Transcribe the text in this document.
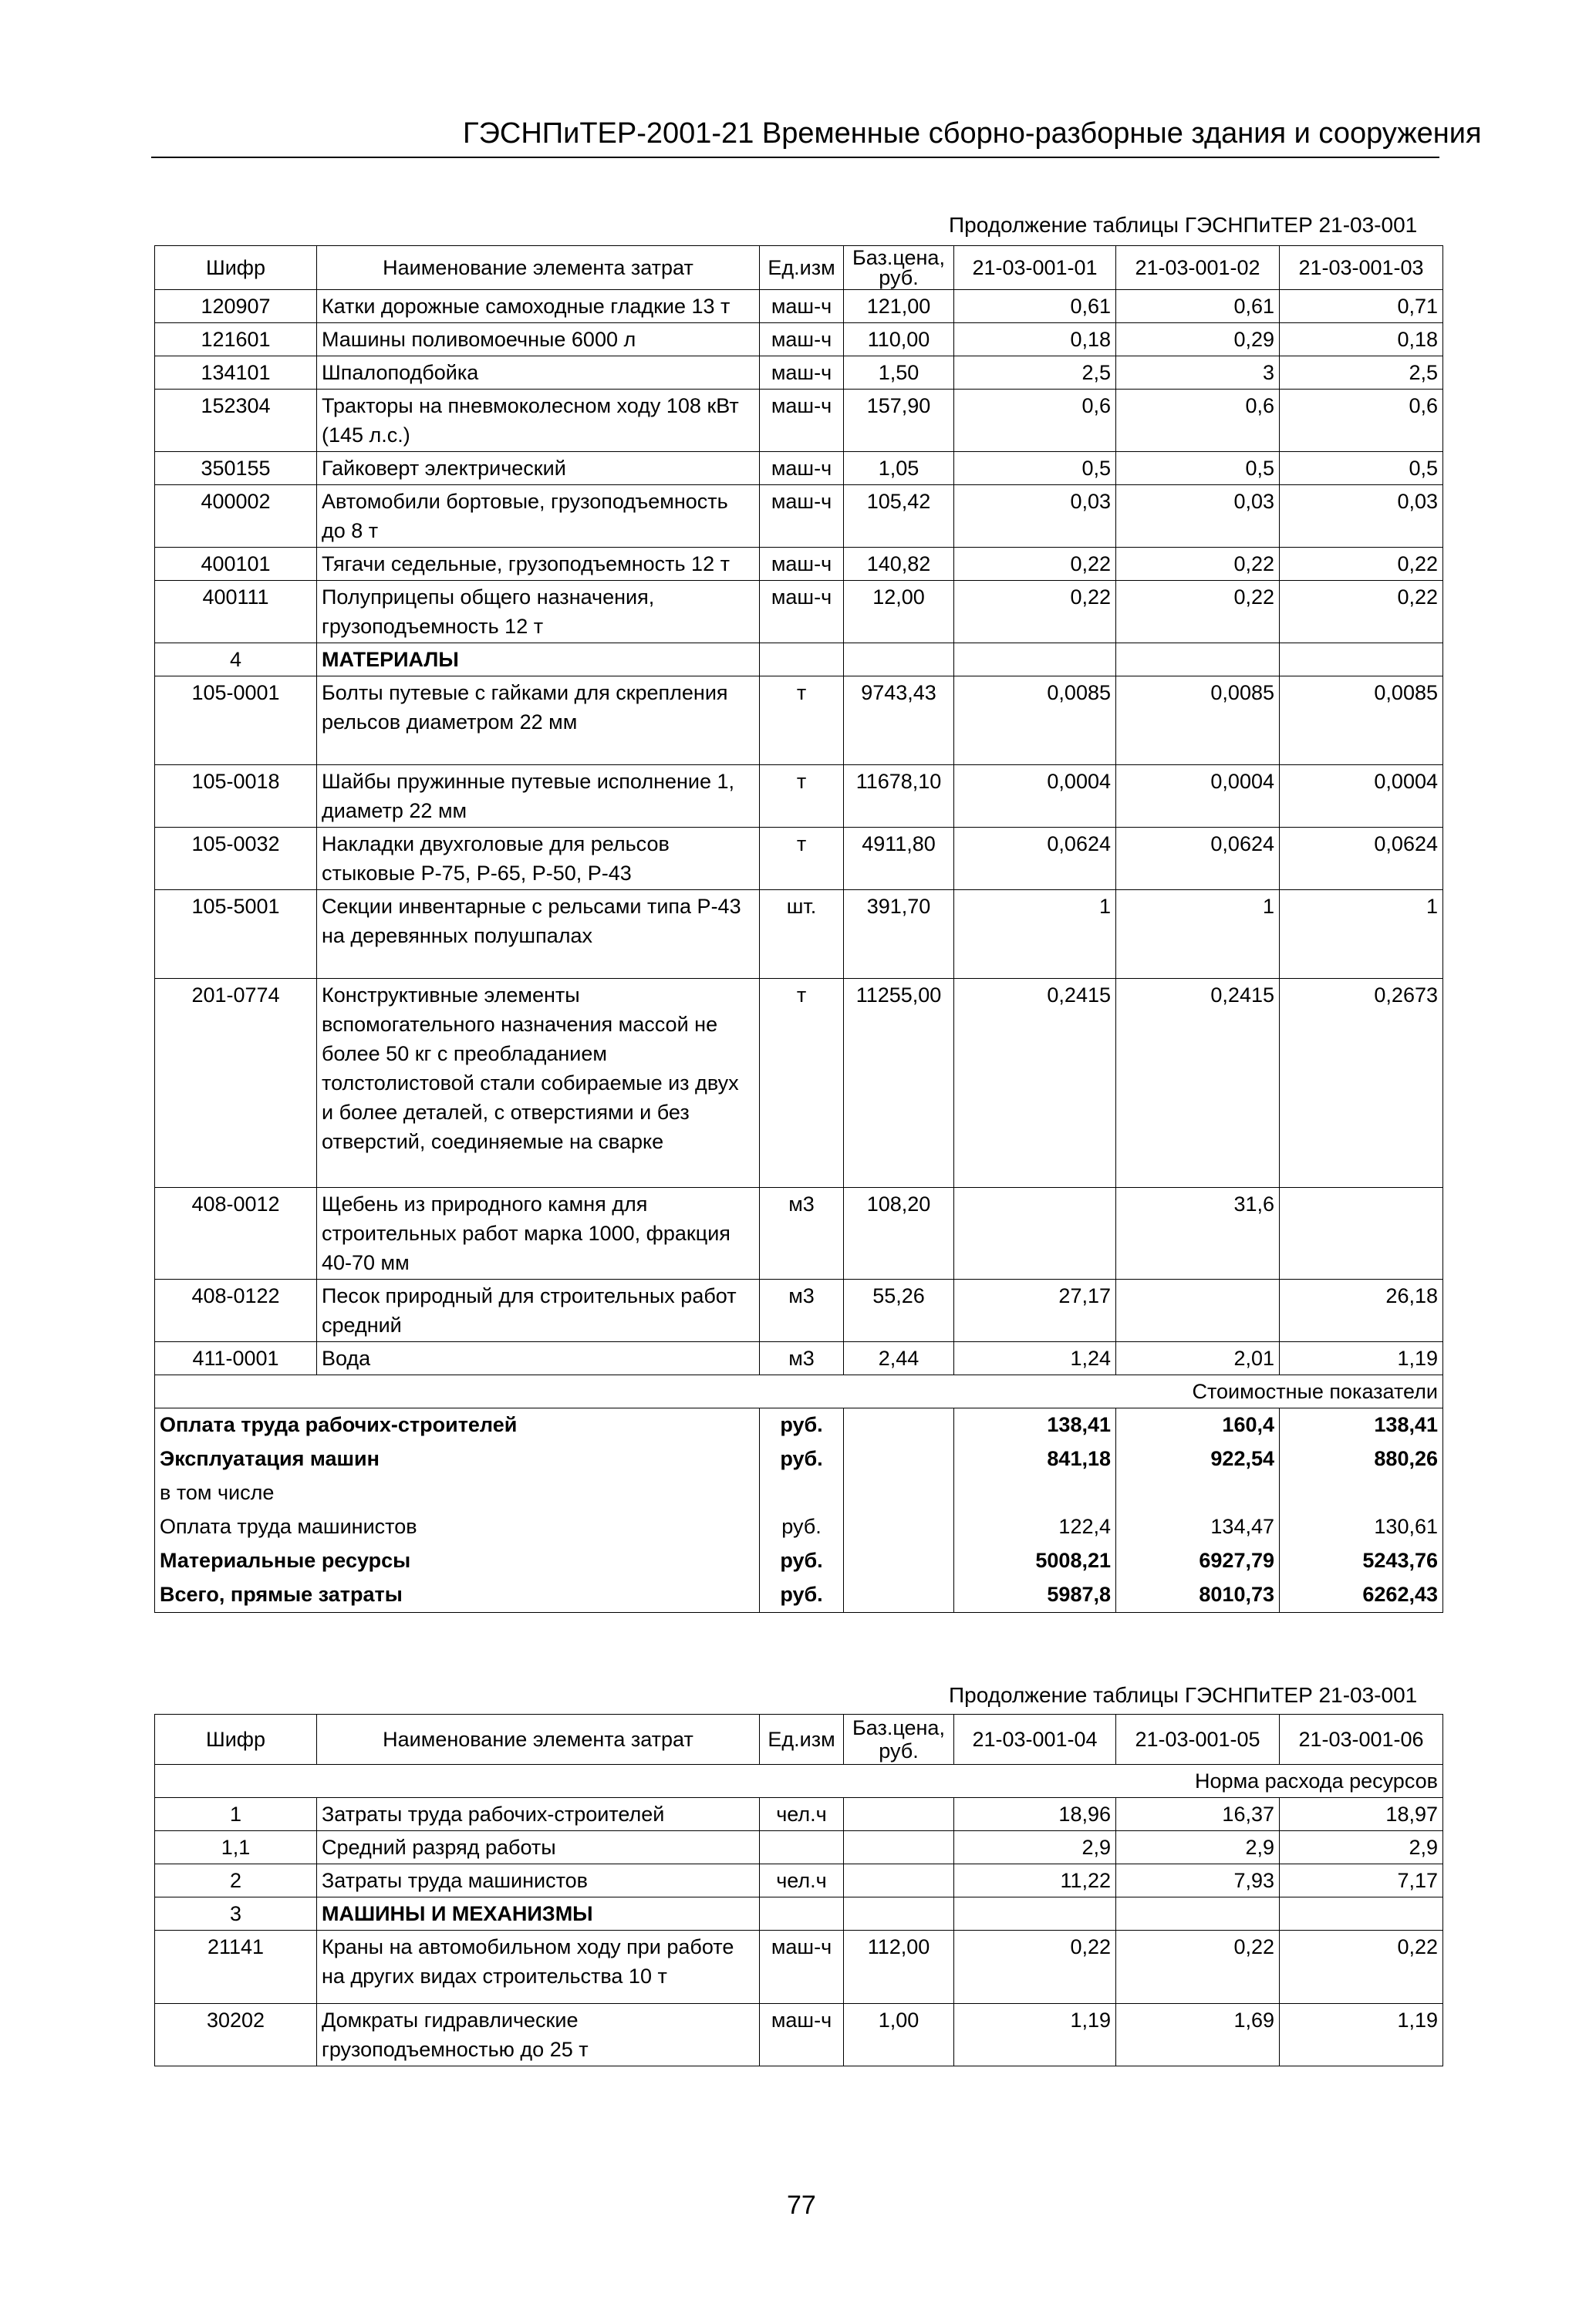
ГЭСНПиТЕР-2001-21 Временные сборно-разборные здания и сооружения
Продолжение таблицы ГЭСНПиТЕР 21-03-001
Шифр	Наименование элемента затрат	Ед.изм	Баз.цена, руб.	21-03-001-01	21-03-001-02	21-03-001-03
120907	Катки дорожные самоходные гладкие 13 т	маш-ч	121,00	0,61	0,61	0,71
121601	Машины поливомоечные 6000 л	маш-ч	110,00	0,18	0,29	0,18
134101	Шпалоподбойка	маш-ч	1,50	2,5	3	2,5
152304	Тракторы на пневмоколесном ходу 108 кВт (145 л.с.)	маш-ч	157,90	0,6	0,6	0,6
350155	Гайковерт электрический	маш-ч	1,05	0,5	0,5	0,5
400002	Автомобили бортовые, грузоподъемность до 8 т	маш-ч	105,42	0,03	0,03	0,03
400101	Тягачи седельные, грузоподъемность 12 т	маш-ч	140,82	0,22	0,22	0,22
400111	Полуприцепы общего назначения, грузоподъемность 12 т	маш-ч	12,00	0,22	0,22	0,22
4	МАТЕРИАЛЫ					
105-0001	Болты путевые с гайками для скрепления рельсов диаметром 22 мм	т	9743,43	0,0085	0,0085	0,0085
105-0018	Шайбы пружинные путевые исполнение 1, диаметр 22 мм	т	11678,10	0,0004	0,0004	0,0004
105-0032	Накладки двухголовые для рельсов стыковые Р-75, Р-65, Р-50, Р-43	т	4911,80	0,0624	0,0624	0,0624
105-5001	Секции инвентарные с рельсами типа Р-43 на деревянных полушпалах	шт.	391,70	1	1	1
201-0774	Конструктивные элементы вспомогательного назначения массой не более 50 кг с преобладанием толстолистовой стали собираемые из двух и более деталей, с отверстиями и без отверстий, соединяемые на сварке	т	11255,00	0,2415	0,2415	0,2673
408-0012	Щебень из природного камня для строительных работ марка 1000, фракция 40-70 мм	м3	108,20		31,6	
408-0122	Песок природный для строительных работ средний	м3	55,26	27,17		26,18
411-0001	Вода	м3	2,44	1,24	2,01	1,19
Стоимостные показатели						
Оплата труда рабочих-строителей		руб.		138,41	160,4	138,41
Эксплуатация машин		руб.		841,18	922,54	880,26
в том числе						
Оплата труда машинистов		руб.		122,4	134,47	130,61
Материальные ресурсы		руб.		5008,21	6927,79	5243,76
Всего, прямые затраты		руб.		5987,8	8010,73	6262,43
Продолжение таблицы ГЭСНПиТЕР 21-03-001
Шифр	Наименование элемента затрат	Ед.изм	Баз.цена, руб.	21-03-001-04	21-03-001-05	21-03-001-06
Норма расхода ресурсов						
1	Затраты труда рабочих-строителей	чел.ч		18,96	16,37	18,97
1,1	Средний разряд работы			2,9	2,9	2,9
2	Затраты труда машинистов	чел.ч		11,22	7,93	7,17
3	МАШИНЫ И МЕХАНИЗМЫ					
21141	Краны на автомобильном ходу при работе на других видах строительства 10 т	маш-ч	112,00	0,22	0,22	0,22
30202	Домкраты гидравлические грузоподъемностью до 25 т	маш-ч	1,00	1,19	1,69	1,19
77
